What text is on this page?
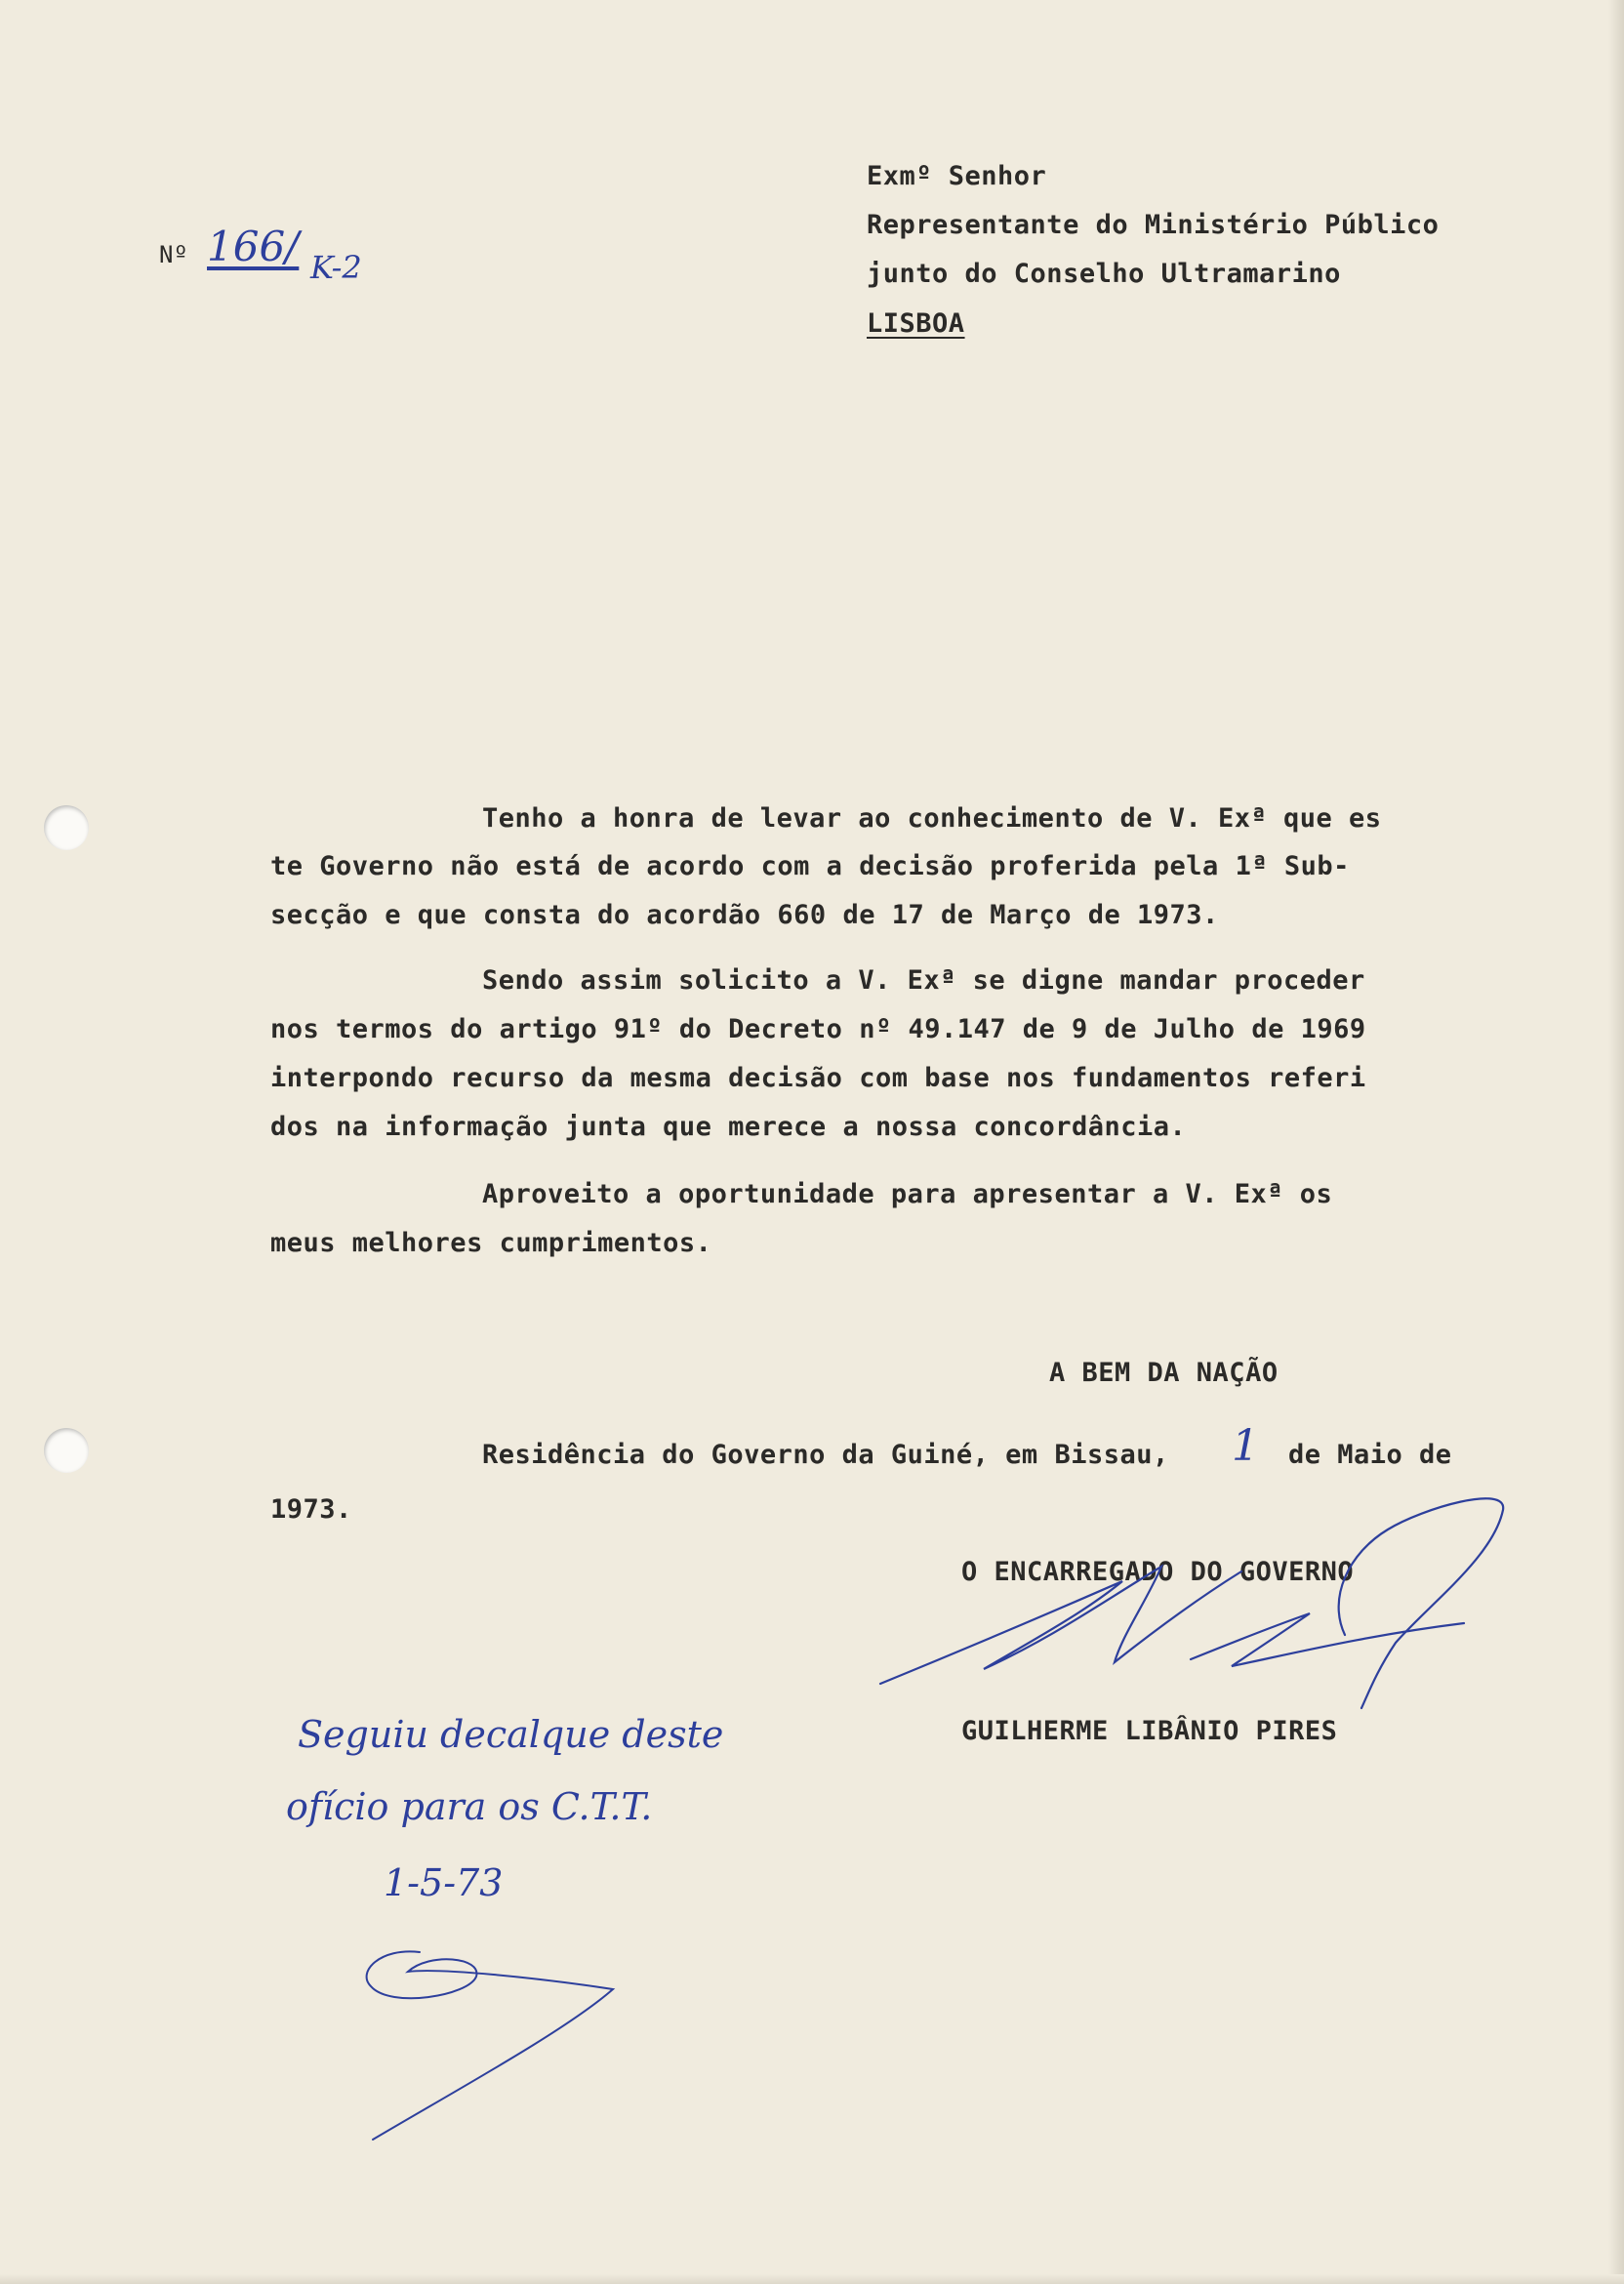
Nº 166/ K-2
Exmº Senhor
Representante do Ministério Público
junto do Conselho Ultramarino
LISBOA
Tenho a honra de levar ao conhecimento de V. Exª que es
te Governo não está de acordo com a decisão proferida pela 1ª Sub-
secção e que consta do acordão 660 de 17 de Março de 1973.
Sendo assim solicito a V. Exª se digne mandar proceder
nos termos do artigo 91º do Decreto nº 49.147 de 9 de Julho de 1969
interpondo recurso da mesma decisão com base nos fundamentos referi
dos na informação junta que merece a nossa concordância.
Aproveito a oportunidade para apresentar a V. Exª os
meus melhores cumprimentos.
A BEM DA NAÇÃO
Residência do Governo da Guiné, em Bissau, 1 de Maio de
1973.
O ENCARREGADO DO GOVERNO
GUILHERME LIBÂNIO PIRES
Seguiu decalque deste
ofício para os C.T.T.
1-5-73
